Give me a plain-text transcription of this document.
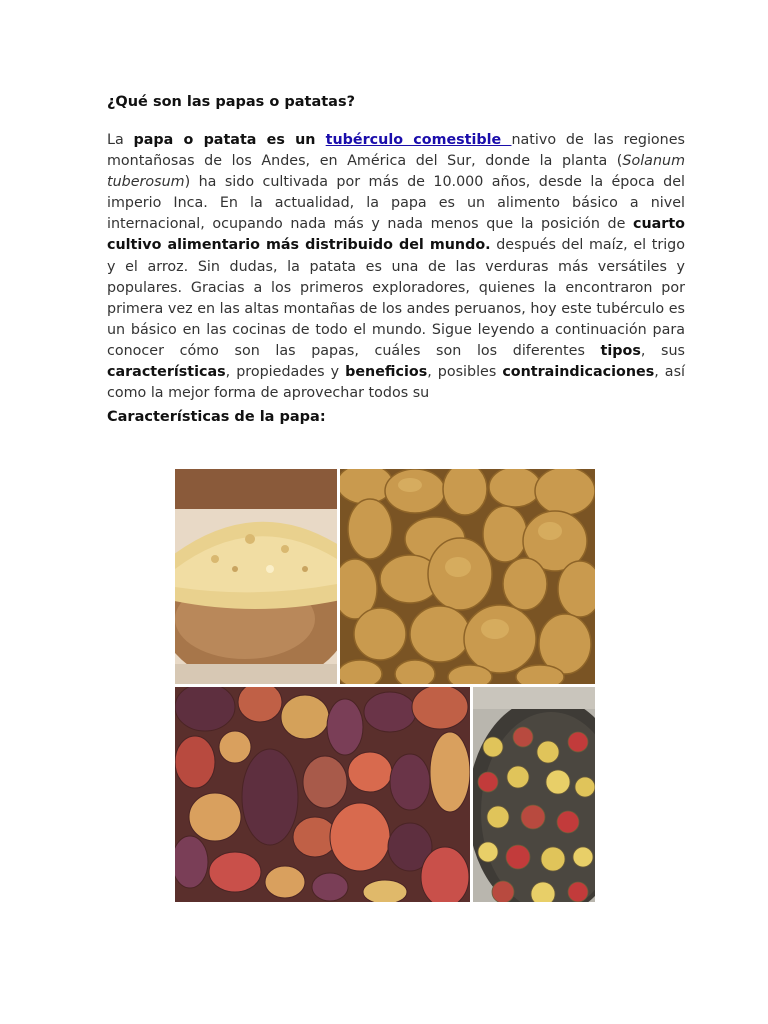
¿Qué son las papas o patatas?

La papa o patata es un tubérculo comestible nativo de las regiones montañosas de los Andes, en América del Sur, donde la planta (Solanum tuberosum) ha sido cultivada por más de 10.000 años, desde la época del imperio Inca. En la actualidad, la papa es un alimento básico a nivel internacional, ocupando nada más y nada menos que la posición de cuarto cultivo alimentario más distribuido del mundo. después del maíz, el trigo y el arroz. Sin dudas, la patata es una de las verduras más versátiles y populares. Gracias a los primeros exploradores, quienes la encontraron por primera vez en las altas montañas de los andes peruanos, hoy este tubérculo es un básico en las cocinas de todo el mundo. Sigue leyendo a continuación para conocer cómo son las papas, cuáles son los diferentes tipos, sus características, propiedades y beneficios, posibles contraindicaciones, así como la mejor forma de aprovechar todos su

Características de la papa:
